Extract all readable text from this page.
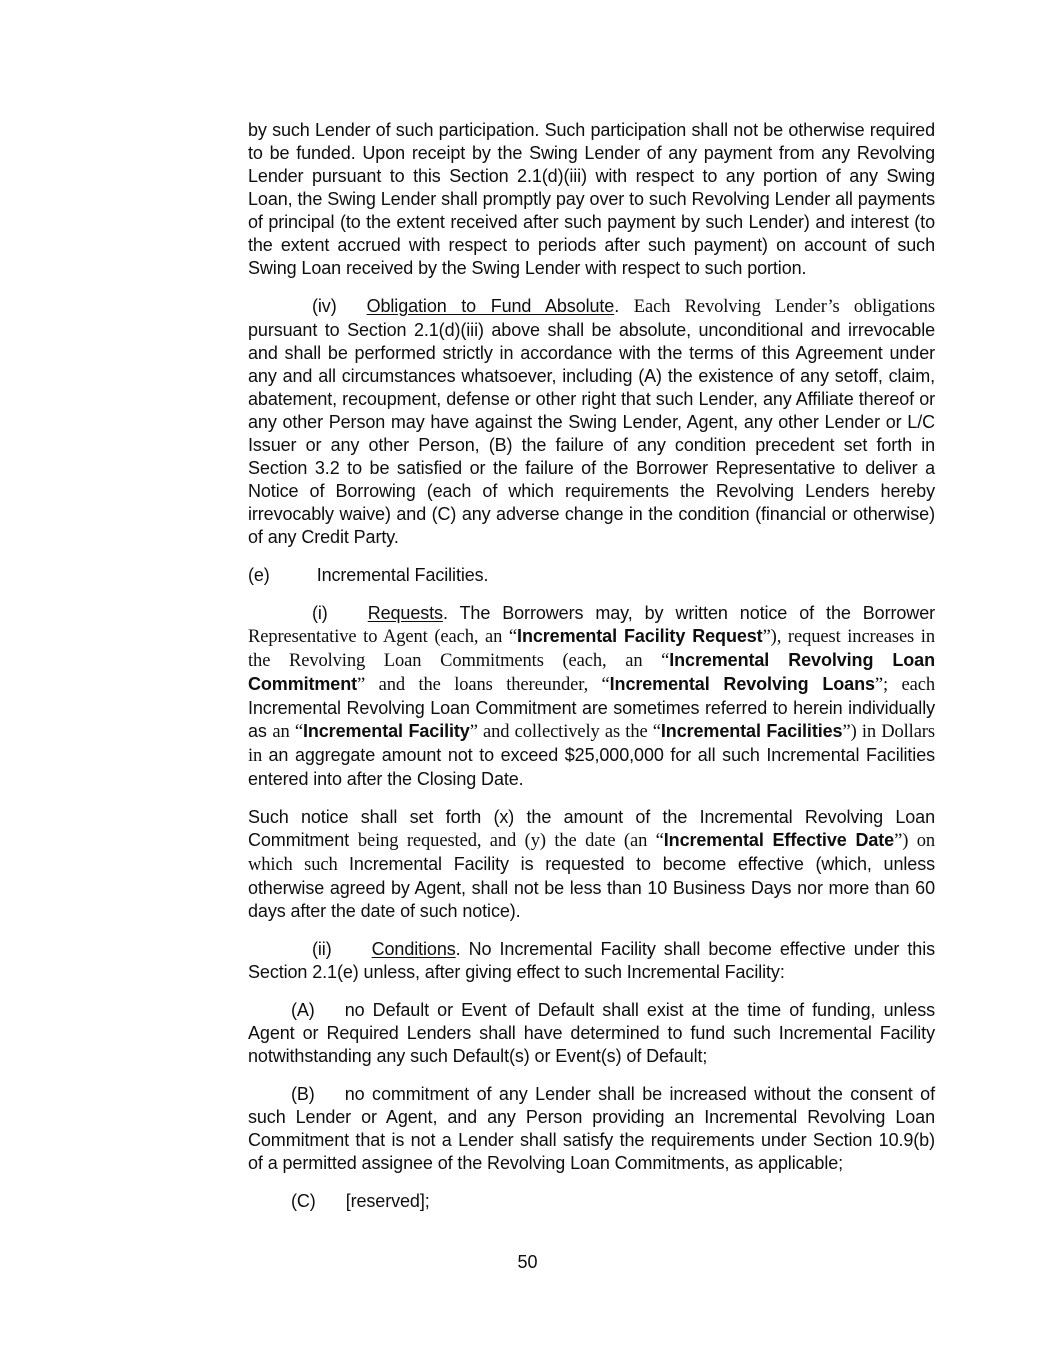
by such Lender of such participation. Such participation shall not be otherwise required to be funded. Upon receipt by the Swing Lender of any payment from any Revolving Lender pursuant to this Section 2.1(d)(iii) with respect to any portion of any Swing Loan, the Swing Lender shall promptly pay over to such Revolving Lender all payments of principal (to the extent received after such payment by such Lender) and interest (to the extent accrued with respect to periods after such payment) on account of such Swing Loan received by the Swing Lender with respect to such portion.

(iv) Obligation to Fund Absolute. Each Revolving Lender’s obligations pursuant to Section 2.1(d)(iii) above shall be absolute, unconditional and irrevocable and shall be performed strictly in accordance with the terms of this Agreement under any and all circumstances whatsoever, including (A) the existence of any setoff, claim, abatement, recoupment, defense or other right that such Lender, any Affiliate thereof or any other Person may have against the Swing Lender, Agent, any other Lender or L/C Issuer or any other Person, (B) the failure of any condition precedent set forth in Section 3.2 to be satisfied or the failure of the Borrower Representative to deliver a Notice of Borrowing (each of which requirements the Revolving Lenders hereby irrevocably waive) and (C) any adverse change in the condition (financial or otherwise) of any Credit Party.

(e)	Incremental Facilities.

(i) Requests. The Borrowers may, by written notice of the Borrower Representative to Agent (each, an “Incremental Facility Request”), request increases in the Revolving Loan Commitments (each, an “Incremental Revolving Loan Commitment” and the loans thereunder, “Incremental Revolving Loans”; each Incremental Revolving Loan Commitment are sometimes referred to herein individually as an “Incremental Facility” and collectively as the “Incremental Facilities”) in Dollars in an aggregate amount not to exceed $25,000,000 for all such Incremental Facilities entered into after the Closing Date.

Such notice shall set forth (x) the amount of the Incremental Revolving Loan Commitment being requested, and (y) the date (an “Incremental Effective Date”) on which such Incremental Facility is requested to become effective (which, unless otherwise agreed by Agent, shall not be less than 10 Business Days nor more than 60 days after the date of such notice).

(ii) Conditions. No Incremental Facility shall become effective under this Section 2.1(e) unless, after giving effect to such Incremental Facility:

(A) no Default or Event of Default shall exist at the time of funding, unless Agent or Required Lenders shall have determined to fund such Incremental Facility notwithstanding any such Default(s) or Event(s) of Default;

(B) no commitment of any Lender shall be increased without the consent of such Lender or Agent, and any Person providing an Incremental Revolving Loan Commitment that is not a Lender shall satisfy the requirements under Section 10.9(b) of a permitted assignee of the Revolving Loan Commitments, as applicable;

(C) [reserved];

50
